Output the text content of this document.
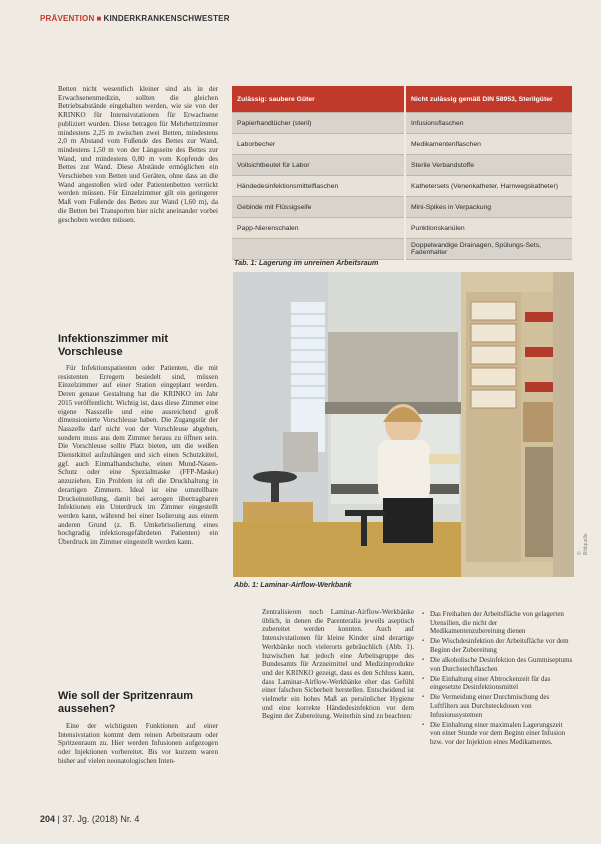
PRÄVENTION ■ KINDERKRANKENSCHWESTER

Betten nicht wesentlich kleiner sind als in der Erwachsenenmedizin, sollten die gleichen Betriebsabstände eingehalten werden, wie sie von der KRINKO für Intensivstationen für Erwachsene publiziert wurden. Diese betragen für Mehrbettzimmer mindestens 2,25 m zwischen zwei Betten, mindestens 2,0 m Abstand vom Fußende des Bettes zur Wand, mindestens 1,50 m von der Längsseite des Bettes zur Wand, und mindestens 0,80 m vom Kopfende des Bettes zur Wand. Diese Abstände ermöglichen ein Verschieben von Betten und Geräten, ohne dass an die Wand angestoßen wird oder Patientenbetten verrückt werden müssen. Für Einzelzimmer gilt ein geringerer Maß vom Fußende des Bettes zur Wand (1,60 m), da die Betten bei Transporten hier nicht aneinander vorbei geschoben werden müssen.

Infektionszimmer mit Vorschleuse

Für Infektionspatienten oder Patienten, die mit resistenten Erregern besiedelt sind, müssen Einzelzimmer auf einer Station eingeplant werden. Deren genaue Gestaltung hat die KRINKO im Jahr 2015 veröffentlicht. Wichtig ist, dass diese Zimmer eine eigene Nasszelle und eine ausreichend groß dimensionierte Vorschleuse haben. Die Zugangstür der Nasszelle darf nicht von der Vorschleuse abgehen, sondern muss aus dem Zimmer heraus zu öffnen sein. Die Vorschleuse sollte Platz bieten, um die weißen Dienstkittel aufzuhängen und sich einen Schutzkittel, ggf. auch Einmalhandschuhe, einen Mund-Nasen-Schutz oder eine Spezialmaske (FFP-Maske) anzuziehen. Ein Problem ist oft die Druckhaltung in derartigen Zimmern. Ideal ist eine umstellbare Druckeinstellung, damit bei aerogen übertragbaren Infektionen ein Unterdruck im Zimmer eingestellt werden kann, während bei einer Isolierung aus einem anderen Grund (z. B. Umkehrisolierung eines hochgradig infektionsgefährdeten Patienten) ein Überdruck im Zimmer eingestellt werden kann.

Wie soll der Spritzenraum aussehen?

Eine der wichtigsten Funktionen auf einer Intensivstation kommt dem reinen Arbeitsraum oder Spritzenraum zu. Hier werden Infusionen aufgezogen oder Injektionen vorbereitet. Bis vor kurzem waren bisher auf vielen neonatologischen Inten-

Zulässig: saubere Güter	Nicht zulässig gemäß DIN 58953, Sterilgüter
Papierhandtücher (steril)	Infusionsflaschen
Laborbecher	Medikamentenflaschen
Vollsichtbeutel für Labor	Sterile Verbandstoffe
Händedesinfektionsmittelflaschen	Kathetersets (Venenkatheter, Harnwegskatheter)
Gebinde mit Flüssigseife	Mini-Spikes in Verpackung
Papp-Nierenschalen	Punktionskanülen
	Doppelwandige Drainagen, Spülungs-Sets, Fadenhalter
Tab. 1: Lagerung im unreinen Arbeitsraum
Abb. 1: Laminar-Airflow-Werkbank
© Bildquelle

Zentralisieren noch Laminar-Airflow-Werkbänke üblich, in denen die Parenteralia jeweils aseptisch zubereitet werden konnten. Auch auf Intensivstationen für kleine Kinder sind derartige Werkbänke noch vielerorts gebräuchlich (Abb. 1). Inzwischen hat jedoch eine Arbeitsgruppe des Bundesamts für Arzneimittel und Medizinprodukte und der KRINKO gezeigt, dass es den Schluss kann, dass Laminar-Airflow-Werkbänke eher das Gefühl einer falschen Sicherheit herstellen. Entscheidend ist vielmehr ein hohes Maß an persönlicher Hygiene und eine korrekte Händedesinfektion vor dem Beginn der Zubereitung. Weiterhin sind zu beachten:

▪ Das Freihalten der Arbeitsfläche von gelagerten Utensilien, die nicht der Medikamentenzubereitung dienen
▪ Die Wischdesinfektion der Arbeitsfläche vor dem Beginn der Zubereitung
▪ Die alkoholische Desinfektion des Gummiseptums von Durchstechflaschen
▪ Die Einhaltung einer Abtrockenzeit für das eingesetzte Desinfektionsmittel
▪ Die Vermeidung einer Durchmischung des Luftfilters aus Durchsteckdosen von Infusionssystemen
▪ Die Einhaltung einer maximalen Lagerungszeit von einer Stunde vor dem Beginn einer Infusion bzw. vor der Injektion eines Medikamentes.
204 | 37. Jg. (2018) Nr. 4
